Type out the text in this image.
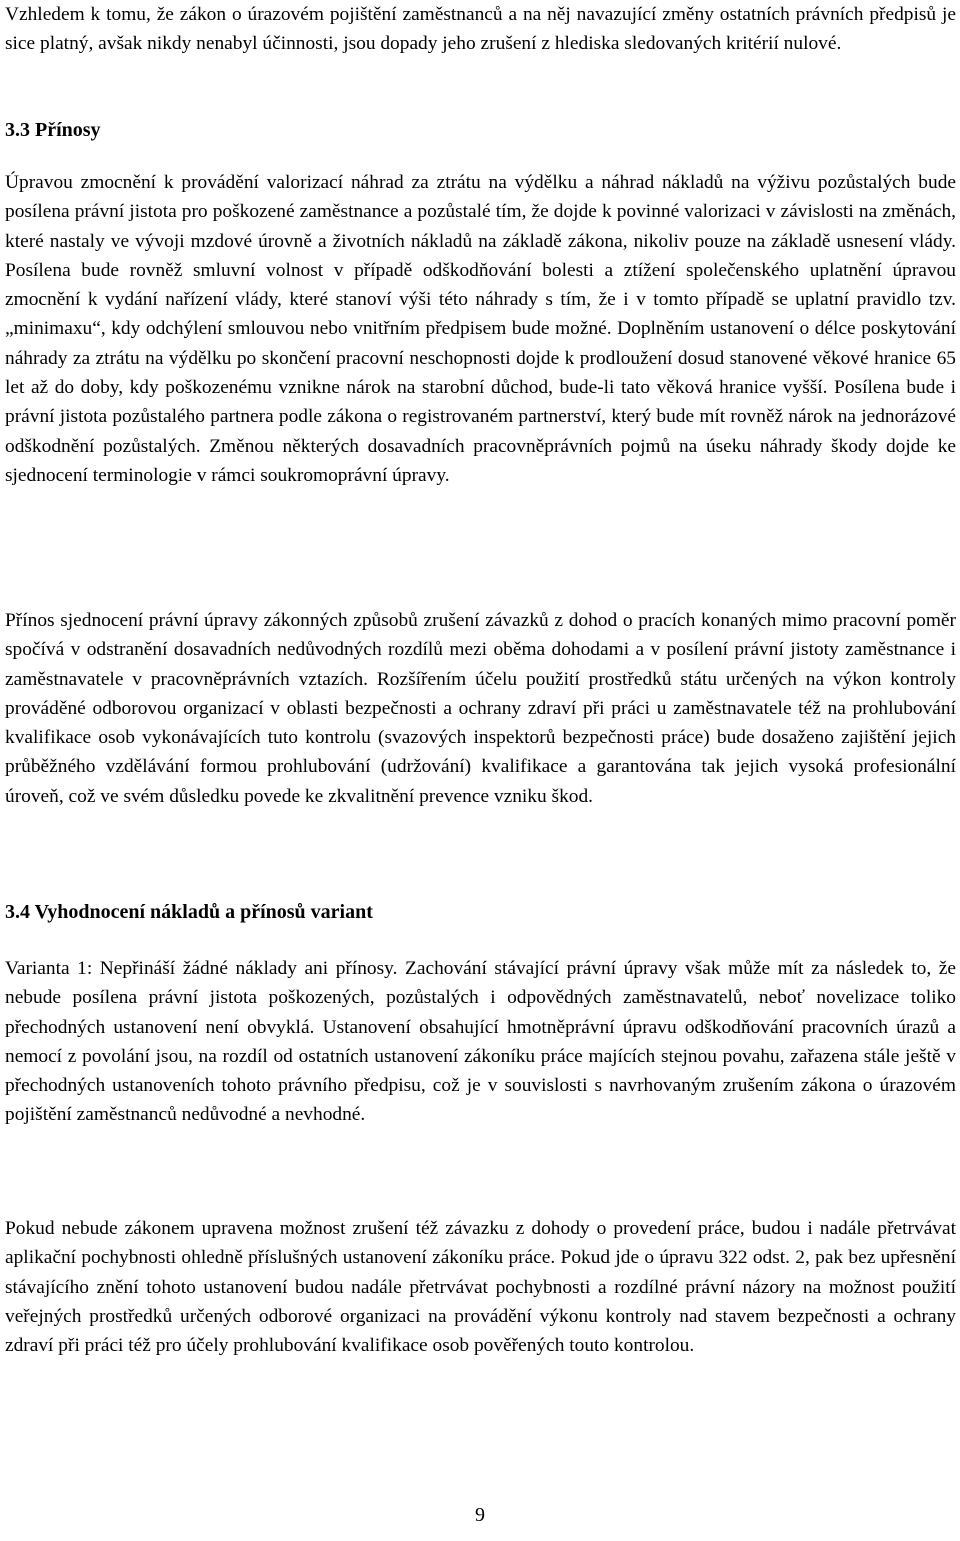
Vzhledem k tomu, že zákon o úrazovém pojištění zaměstnanců a na něj navazující změny ostatních právních předpisů je sice platný, avšak nikdy nenabyl účinnosti, jsou dopady jeho zrušení z hlediska sledovaných kritérií nulové.

3.3 Přínosy

Úpravou zmocnění k provádění valorizací náhrad za ztrátu na výdělku a náhrad nákladů na výživu pozůstalých bude posílena právní jistota pro poškozené zaměstnance a pozůstalé tím, že dojde k povinné valorizaci v závislosti na změnách, které nastaly ve vývoji mzdové úrovně a životních nákladů na základě zákona, nikoliv pouze na základě usnesení vlády. Posílena bude rovněž smluvní volnost v případě odškodňování bolesti a ztížení společenského uplatnění úpravou zmocnění k vydání nařízení vlády, které stanoví výši této náhrady s tím, že i v tomto případě se uplatní pravidlo tzv. „minimaxu“, kdy odchýlení smlouvou nebo vnitřním předpisem bude možné. Doplněním ustanovení o délce poskytování náhrady za ztrátu na výdělku po skončení pracovní neschopnosti dojde k prodloužení dosud stanovené věkové hranice 65 let až do doby, kdy poškozenému vznikne nárok na starobní důchod, bude-li tato věková hranice vyšší. Posílena bude i právní jistota pozůstalého partnera podle zákona o registrovaném partnerství, který bude mít rovněž nárok na jednorázové odškodnění pozůstalých. Změnou některých dosavadních pracovněprávních pojmů na úseku náhrady škody dojde ke sjednocení terminologie v rámci soukromoprávní úpravy.

Přínos sjednocení právní úpravy zákonných způsobů zrušení závazků z dohod o pracích konaných mimo pracovní poměr spočívá v odstranění dosavadních nedůvodných rozdílů mezi oběma dohodami a v posílení právní jistoty zaměstnance i zaměstnavatele v pracovněprávních vztazích. Rozšířením účelu použití prostředků státu určených na výkon kontroly prováděné odborovou organizací v oblasti bezpečnosti a ochrany zdraví při práci u zaměstnavatele též na prohlubování kvalifikace osob vykonávajících tuto kontrolu (svazových inspektorů bezpečnosti práce) bude dosaženo zajištění jejich průběžného vzdělávání formou prohlubování (udržování) kvalifikace a garantována tak jejich vysoká profesionální úroveň, což ve svém důsledku povede ke zkvalitnění prevence vzniku škod.

3.4 Vyhodnocení nákladů a přínosů variant

Varianta 1: Nepřináší žádné náklady ani přínosy. Zachování stávající právní úpravy však může mít za následek to, že nebude posílena právní jistota poškozených, pozůstalých i odpovědných zaměstnavatelů, neboť novelizace toliko přechodných ustanovení není obvyklá. Ustanovení obsahující hmotněprávní úpravu odškodňování pracovních úrazů a nemocí z povolání jsou, na rozdíl od ostatních ustanovení zákoníku práce majících stejnou povahu, zařazena stále ještě v přechodných ustanoveních tohoto právního předpisu, což je v souvislosti s navrhovaným zrušením zákona o úrazovém pojištění zaměstnanců nedůvodné a nevhodné.

Pokud nebude zákonem upravena možnost zrušení též závazku z dohody o provedení práce, budou i nadále přetrvávat aplikační pochybnosti ohledně příslušných ustanovení zákoníku práce. Pokud jde o úpravu 322 odst. 2, pak bez upřesnění stávajícího znění tohoto ustanovení budou nadále přetrvávat pochybnosti a rozdílné právní názory na možnost použití veřejných prostředků určených odborové organizaci na provádění výkonu kontroly nad stavem bezpečnosti a ochrany zdraví při práci též pro účely prohlubování kvalifikace osob pověřených touto kontrolou.

9
